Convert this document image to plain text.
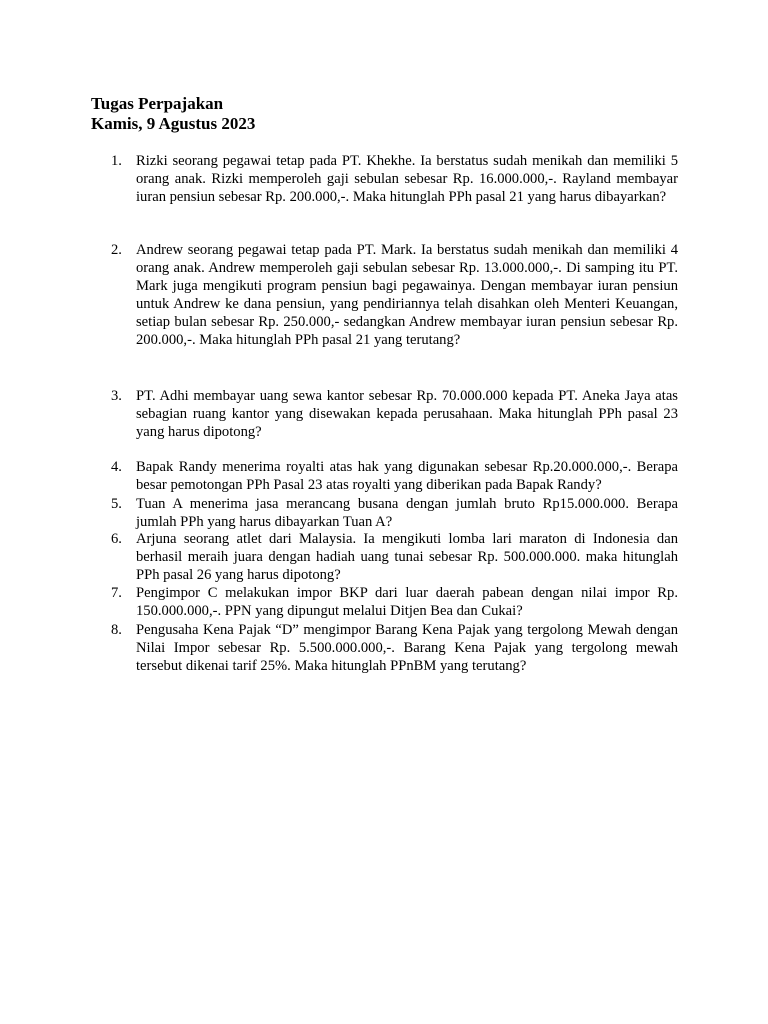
Tugas Perpajakan
Kamis, 9 Agustus 2023
1. Rizki seorang pegawai tetap pada PT. Khekhe. Ia berstatus sudah menikah dan memiliki 5 orang anak. Rizki memperoleh gaji sebulan sebesar Rp. 16.000.000,-. Rayland membayar iuran pensiun sebesar Rp. 200.000,-. Maka hitunglah PPh pasal 21 yang harus dibayarkan?
2. Andrew seorang pegawai tetap pada PT. Mark. Ia berstatus sudah menikah dan memiliki 4 orang anak. Andrew memperoleh gaji sebulan sebesar Rp. 13.000.000,-. Di samping itu PT. Mark juga mengikuti program pensiun bagi pegawainya. Dengan membayar iuran pensiun untuk Andrew ke dana pensiun, yang pendiriannya telah disahkan oleh Menteri Keuangan, setiap bulan sebesar Rp. 250.000,- sedangkan Andrew membayar iuran pensiun sebesar Rp. 200.000,-. Maka hitunglah PPh pasal 21 yang terutang?
3. PT. Adhi membayar uang sewa kantor sebesar Rp. 70.000.000 kepada PT. Aneka Jaya atas sebagian ruang kantor yang disewakan kepada perusahaan. Maka hitunglah PPh pasal 23 yang harus dipotong?
4. Bapak Randy menerima royalti atas hak yang digunakan sebesar Rp.20.000.000,-. Berapa besar pemotongan PPh Pasal 23 atas royalti yang diberikan pada Bapak Randy?
5. Tuan A menerima jasa merancang busana dengan jumlah bruto Rp15.000.000. Berapa jumlah PPh yang harus dibayarkan Tuan A?
6. Arjuna seorang atlet dari Malaysia. Ia mengikuti lomba lari maraton di Indonesia dan berhasil meraih juara dengan hadiah uang tunai sebesar Rp. 500.000.000. maka hitunglah PPh pasal 26 yang harus dipotong?
7. Pengimpor C melakukan impor BKP dari luar daerah pabean dengan nilai impor Rp. 150.000.000,-. PPN yang dipungut melalui Ditjen Bea dan Cukai?
8. Pengusaha Kena Pajak “D” mengimpor Barang Kena Pajak yang tergolong Mewah dengan Nilai Impor sebesar Rp. 5.500.000.000,-. Barang Kena Pajak yang tergolong mewah tersebut dikenai tarif 25%. Maka hitunglah PPnBM yang terutang?
